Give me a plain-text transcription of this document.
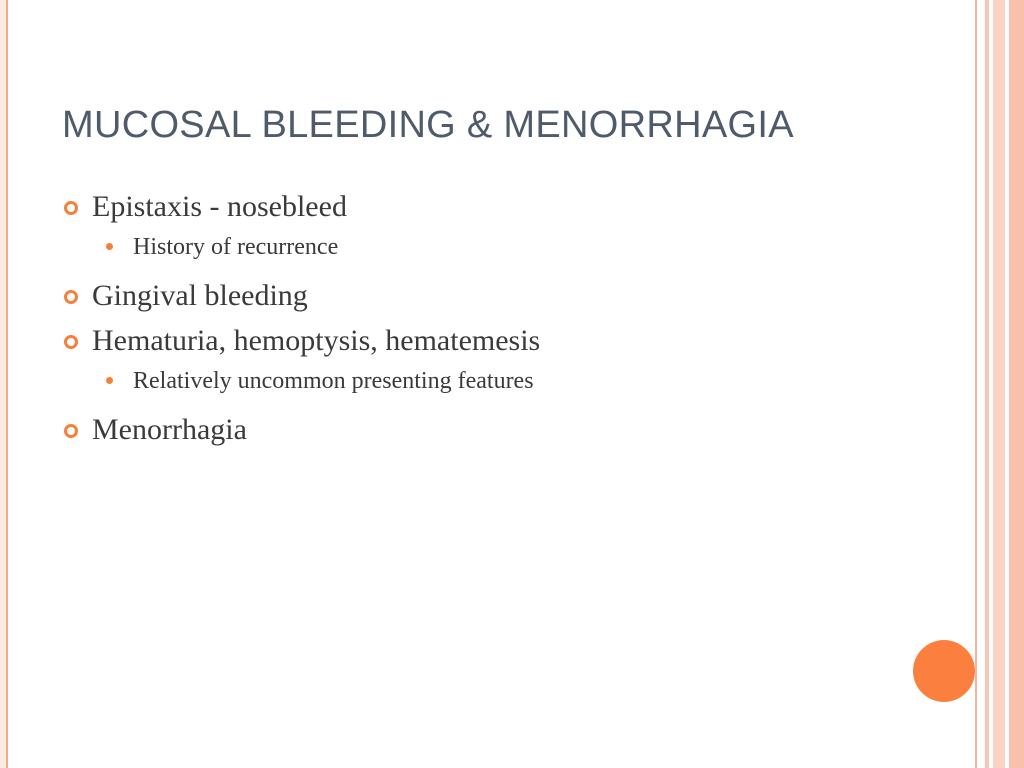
MUCOSAL BLEEDING & MENORRHAGIA
Epistaxis - nosebleed
History of recurrence
Gingival bleeding
Hematuria, hemoptysis, hematemesis
Relatively uncommon presenting features
Menorrhagia
